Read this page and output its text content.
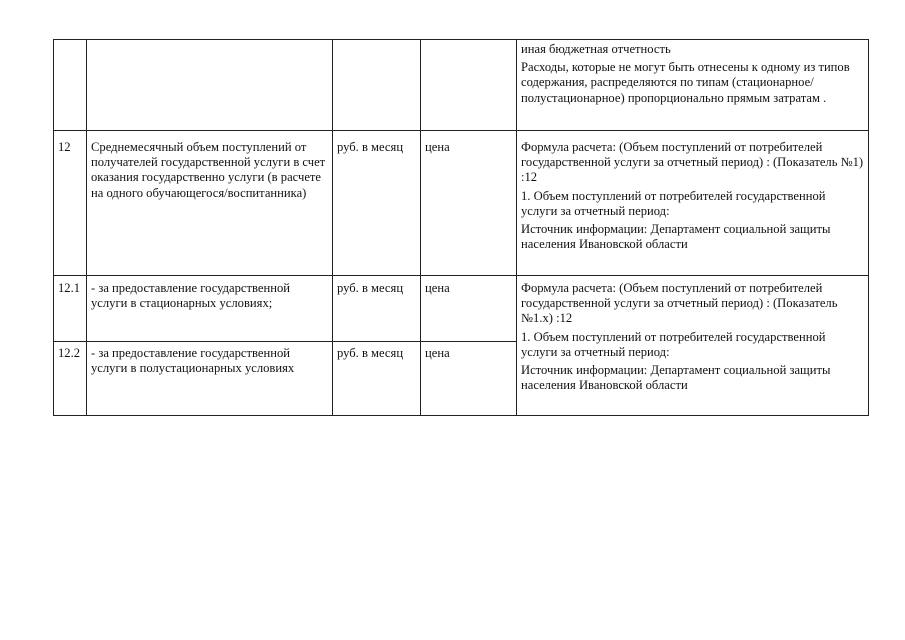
				иная бюджетная отчетность
Расходы, которые не могут быть отнесены к одному из типов содержания, распределяются по типам (стационарное/полустационарное) пропорционально прямым затратам .

12	Среднемесячный объем поступлений от получателей государственной услуги в счет оказания государственно услуги (в расчете на одного обучающегося/воспитанника)	руб. в месяц	цена	Формула расчета: (Объем поступлений от потребителей государственной услуги за отчетный период) : (Показатель №1) :12
1. Объем поступлений от потребителей государственной услуги за отчетный период:
Источник информации: Департамент социальной защиты населения Ивановской области

12.1	- за предоставление государственной услуги в стационарных условиях;	руб. в месяц	цена	Формула расчета: (Объем поступлений от потребителей государственной услуги за отчетный период) : (Показатель №1.х) :12
1. Объем поступлений от потребителей государственной услуги за отчетный период:
Источник информации: Департамент социальной защиты населения Ивановской области

12.2	- за предоставление государственной услуги в полустационарных условиях	руб. в месяц	цена	
